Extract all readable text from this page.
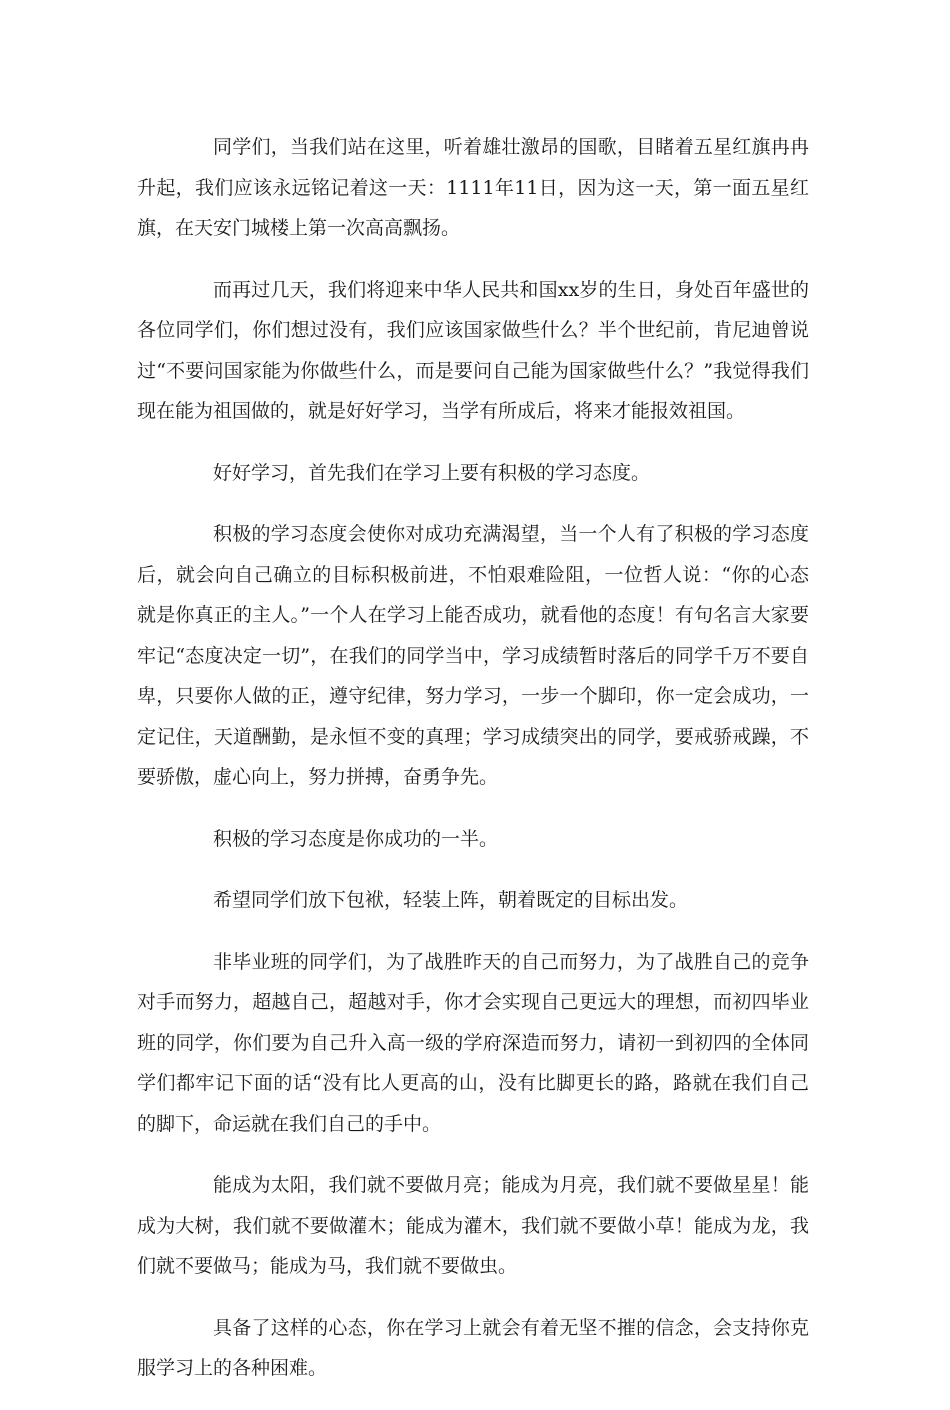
同学们，当我们站在这里，听着雄壮激昂的国歌，目睹着五星红旗冉冉升起，我们应该永远铭记着这一天：1111年11日，因为这一天，第一面五星红旗，在天安门城楼上第一次高高飘扬。

而再过几天，我们将迎来中华人民共和国xx岁的生日，身处百年盛世的各位同学们，你们想过没有，我们应该国家做些什么？半个世纪前，肯尼迪曾说过“不要问国家能为你做些什么，而是要问自己能为国家做些什么？”我觉得我们现在能为祖国做的，就是好好学习，当学有所成后，将来才能报效祖国。

好好学习，首先我们在学习上要有积极的学习态度。

积极的学习态度会使你对成功充满渴望，当一个人有了积极的学习态度后，就会向自己确立的目标积极前进，不怕艰难险阻，一位哲人说：“你的心态就是你真正的主人。”一个人在学习上能否成功，就看他的态度！有句名言大家要牢记“态度决定一切”，在我们的同学当中，学习成绩暂时落后的同学千万不要自卑，只要你人做的正，遵守纪律，努力学习，一步一个脚印，你一定会成功，一定记住，天道酬勤，是永恒不变的真理；学习成绩突出的同学，要戒骄戒躁，不要骄傲，虚心向上，努力拼搏，奋勇争先。

积极的学习态度是你成功的一半。

希望同学们放下包袱，轻装上阵，朝着既定的目标出发。

非毕业班的同学们，为了战胜昨天的自己而努力，为了战胜自己的竞争对手而努力，超越自己，超越对手，你才会实现自己更远大的理想，而初四毕业班的同学，你们要为自己升入高一级的学府深造而努力，请初一到初四的全体同学们都牢记下面的话“没有比人更高的山，没有比脚更长的路，路就在我们自己的脚下，命运就在我们自己的手中。

能成为太阳，我们就不要做月亮；能成为月亮，我们就不要做星星！能成为大树，我们就不要做灌木；能成为灌木，我们就不要做小草！能成为龙，我们就不要做马；能成为马，我们就不要做虫。

具备了这样的心态，你在学习上就会有着无坚不摧的信念，会支持你克服学习上的各种困难。
